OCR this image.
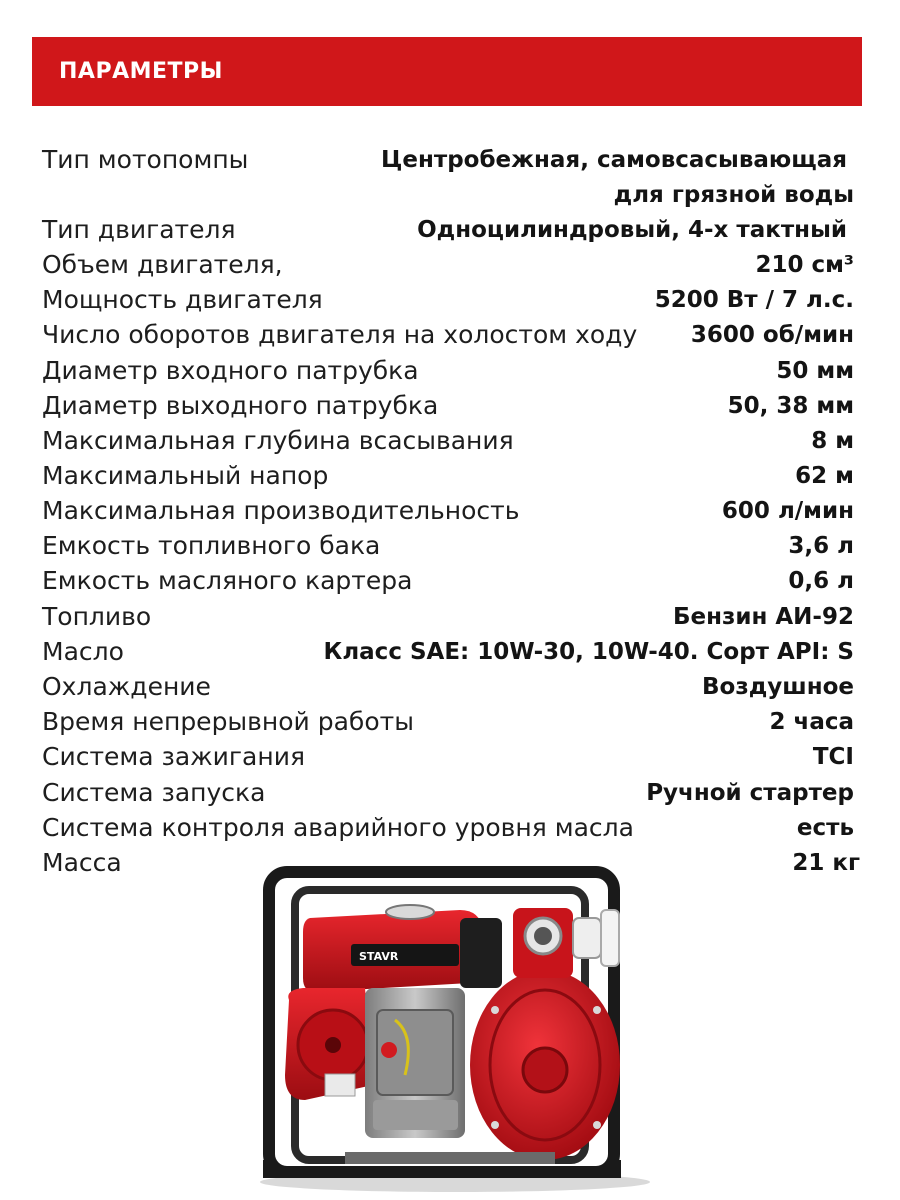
ПАРАМЕТРЫ
Тип мотопомпы	Центробежная, самовсасывающая
для грязной воды
Тип двигателя	Одноцилиндровый, 4-х тактный
Объем двигателя,	210 см³
Мощность двигателя	5200 Вт / 7 л.с.
Число оборотов двигателя на холостом ходу 3600 об/мин
Диаметр входного патрубка	50 мм
Диаметр выходного патрубка	50, 38 мм
Максимальная глубина всасывания	8 м
Максимальный напор	62 м
Максимальная производительность	600 л/мин
Емкость топливного бака	3,6 л
Емкость масляного картера	0,6 л
Топливо	Бензин АИ-92
Масло	Класс SAE: 10W-30, 10W-40. Сорт API: S
Охлаждение	Воздушное
Время непрерывной работы	2 часа
Система зажигания	TCI
Система запуска	Ручной стартер
Система контроля аварийного уровня масла	есть
Масса	21 кг
STAVR
